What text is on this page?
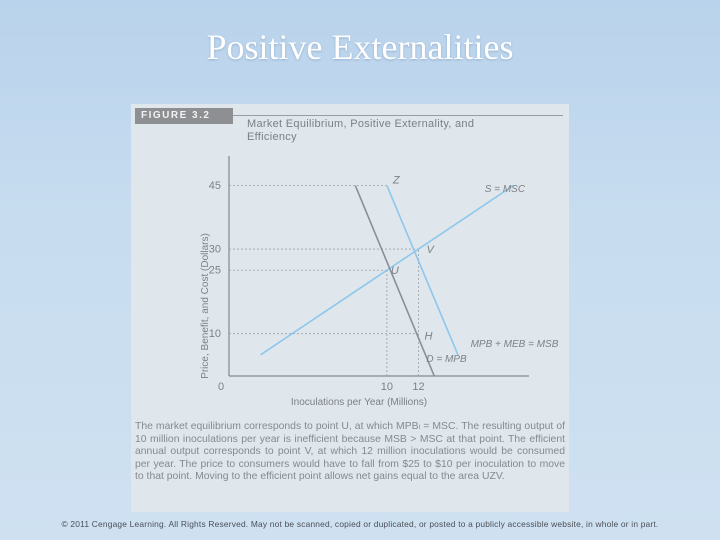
Positive Externalities
FIGURE 3.2
Market Equilibrium, Positive Externality, and Efficiency
The market equilibrium corresponds to point U, at which MPBₗ = MSC. The resulting output of 10 million inoculations per year is inefficient because MSB > MSC at that point. The efficient annual output corresponds to point V, at which 12 million inoculations would be consumed per year. The price to consumers would have to fall from $25 to $10 per inoculation to move to that point. Moving to the efficient point allows net gains equal to the area UZV.
45
30
25
10
10 12
0
Inoculations per Year (Millions)
Price, Benefit, and Cost (Dollars)
S = MSC
D = MPB
MPB + MEB = MSB
Z
V
U
H
© 2011 Cengage Learning. All Rights Reserved. May not be scanned, copied or duplicated, or posted to a publicly accessible website, in whole or in part.
